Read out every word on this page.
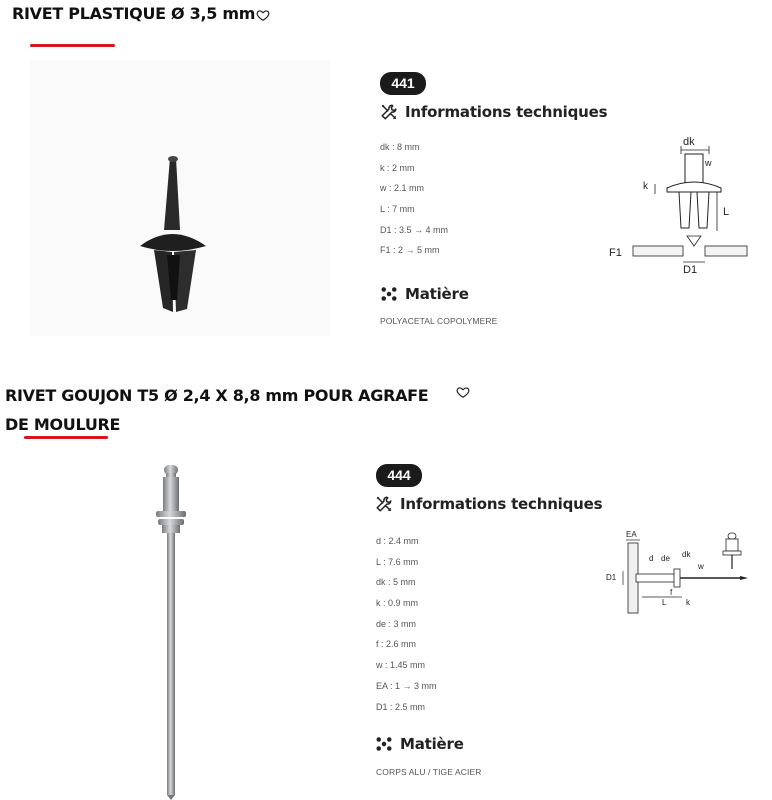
RIVET PLASTIQUE Ø 3,5 mm
441
Informations techniques
dk : 8 mm
k : 2 mm
w : 2.1 mm
L : 7 mm
D1 : 3.5 → 4 mm
F1 : 2 → 5 mm
dk
w
k
L
F1
D1
Matière
POLYACETAL COPOLYMERE
RIVET GOUJON T5 Ø 2,4 X 8,8 mm POUR AGRAFE
DE MOULURE
444
Informations techniques
d : 2.4 mm
L : 7.6 mm
dk : 5 mm
k : 0.9 mm
de : 3 mm
f : 2.6 mm
w : 1.45 mm
EA : 1 → 3 mm
D1 : 2.5 mm
EA
D1
d de dk
w
f
L k
Matière
CORPS ALU / TIGE ACIER
